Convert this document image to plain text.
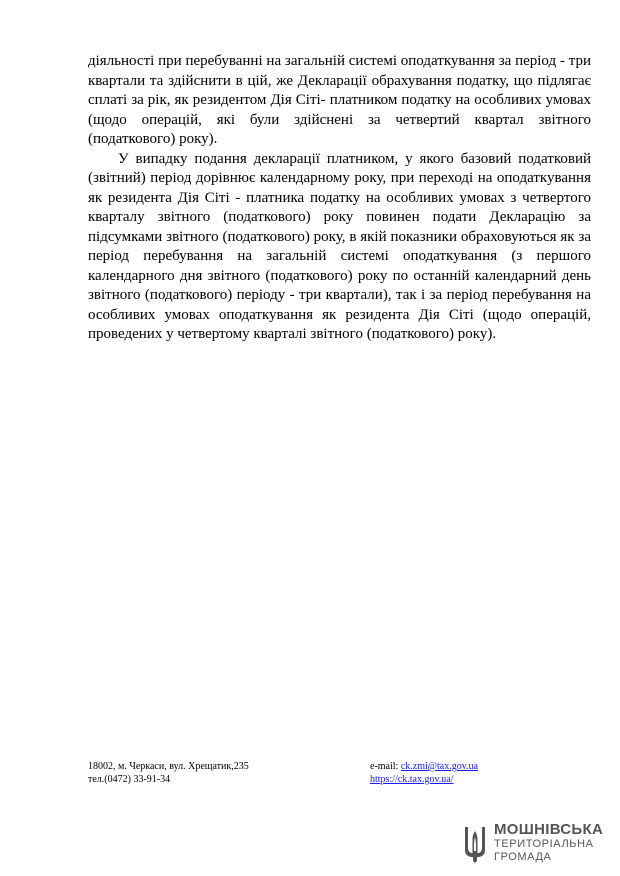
діяльності при перебуванні на загальній системі оподаткування за період - три квартали та здійснити в цій, же Декларації обрахування податку, що підлягає сплаті за рік, як резидентом Дія Сіті- платником податку на особливих умовах (щодо операцій, які були здійснені за четвертий квартал звітного (податкового) року).

У випадку подання декларації платником, у якого базовий податковий (звітний) період дорівнює календарному року, при переході на оподаткування як резидента Дія Сіті - платника податку на особливих умовах з четвертого кварталу звітного (податкового) року повинен подати Декларацію за підсумками звітного (податкового) року, в якій показники обраховуються як за період перебування на загальній системі оподаткування (з першого календарного дня звітного (податкового) року по останній календарний день звітного (податкового) періоду - три квартали), так і за період перебування на особливих умовах оподаткування як резидента Дія Сіті (щодо операцій, проведених у четвертому кварталі звітного (податкового) року).

18002, м. Черкаси, вул. Хрещатик,235
тел.(0472) 33-91-34
e-mail: ck.zmi@tax.gov.ua
https://ck.tax.gov.ua/
МОШНІВСЬКА
ТЕРИТОРІАЛЬНА
ГРОМАДА
